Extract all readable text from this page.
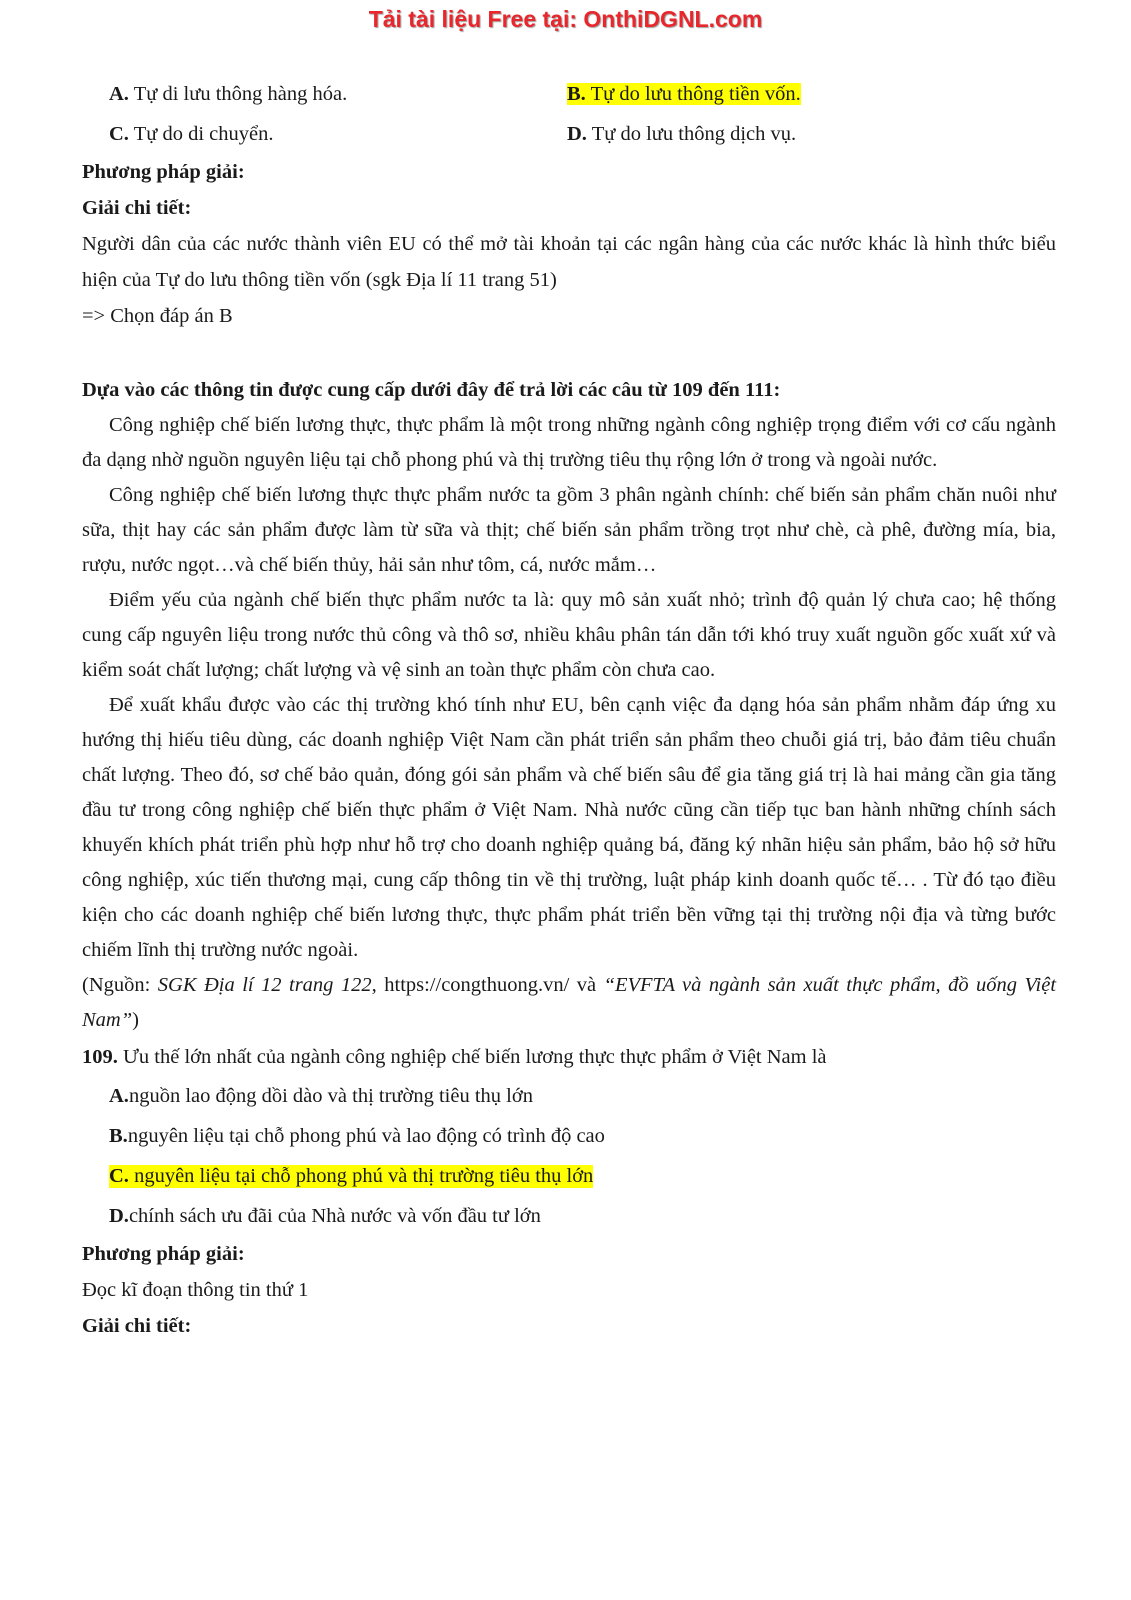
Tải tài liệu Free tại: OnthiDGNL.com
A. Tự di lưu thông hàng hóa.	B. Tự do lưu thông tiền vốn.
C. Tự do di chuyển.	D. Tự do lưu thông dịch vụ.

Phương pháp giải:

Giải chi tiết:

Người dân của các nước thành viên EU có thể mở tài khoản tại các ngân hàng của các nước khác là hình thức biểu hiện của Tự do lưu thông tiền vốn (sgk Địa lí 11 trang 51)

=> Chọn đáp án B

Dựa vào các thông tin được cung cấp dưới đây để trả lời các câu từ 109 đến 111:

Công nghiệp chế biến lương thực, thực phẩm là một trong những ngành công nghiệp trọng điểm với cơ cấu ngành đa dạng nhờ nguồn nguyên liệu tại chỗ phong phú và thị trường tiêu thụ rộng lớn ở trong và ngoài nước.

Công nghiệp chế biến lương thực thực phẩm nước ta gồm 3 phân ngành chính: chế biến sản phẩm chăn nuôi như sữa, thịt hay các sản phẩm được làm từ sữa và thịt; chế biến sản phẩm trồng trọt như chè, cà phê, đường mía, bia, rượu, nước ngọt…và chế biến thủy, hải sản như tôm, cá, nước mắm…

Điểm yếu của ngành chế biến thực phẩm nước ta là: quy mô sản xuất nhỏ; trình độ quản lý chưa cao; hệ thống cung cấp nguyên liệu trong nước thủ công và thô sơ, nhiều khâu phân tán dẫn tới khó truy xuất nguồn gốc xuất xứ và kiểm soát chất lượng; chất lượng và vệ sinh an toàn thực phẩm còn chưa cao.

Để xuất khẩu được vào các thị trường khó tính như EU, bên cạnh việc đa dạng hóa sản phẩm nhằm đáp ứng xu hướng thị hiếu tiêu dùng, các doanh nghiệp Việt Nam cần phát triển sản phẩm theo chuỗi giá trị, bảo đảm tiêu chuẩn chất lượng. Theo đó, sơ chế bảo quản, đóng gói sản phẩm và chế biến sâu để gia tăng giá trị là hai mảng cần gia tăng đầu tư trong công nghiệp chế biến thực phẩm ở Việt Nam. Nhà nước cũng cần tiếp tục ban hành những chính sách khuyến khích phát triển phù hợp như hỗ trợ cho doanh nghiệp quảng bá, đăng ký nhãn hiệu sản phẩm, bảo hộ sở hữu công nghiệp, xúc tiến thương mại, cung cấp thông tin về thị trường, luật pháp kinh doanh quốc tế… . Từ đó tạo điều kiện cho các doanh nghiệp chế biến lương thực, thực phẩm phát triển bền vững tại thị trường nội địa và từng bước chiếm lĩnh thị trường nước ngoài.

(Nguồn: SGK Địa lí 12 trang 122, https://congthuong.vn/ và “EVFTA và ngành sản xuất thực phẩm, đồ uống Việt Nam”)

109. Ưu thế lớn nhất của ngành công nghiệp chế biến lương thực thực phẩm ở Việt Nam là

A. nguồn lao động dồi dào và thị trường tiêu thụ lớn
B. nguyên liệu tại chỗ phong phú và lao động có trình độ cao
C. nguyên liệu tại chỗ phong phú và thị trường tiêu thụ lớn
D. chính sách ưu đãi của Nhà nước và vốn đầu tư lớn

Phương pháp giải:

Đọc kĩ đoạn thông tin thứ 1

Giải chi tiết:
